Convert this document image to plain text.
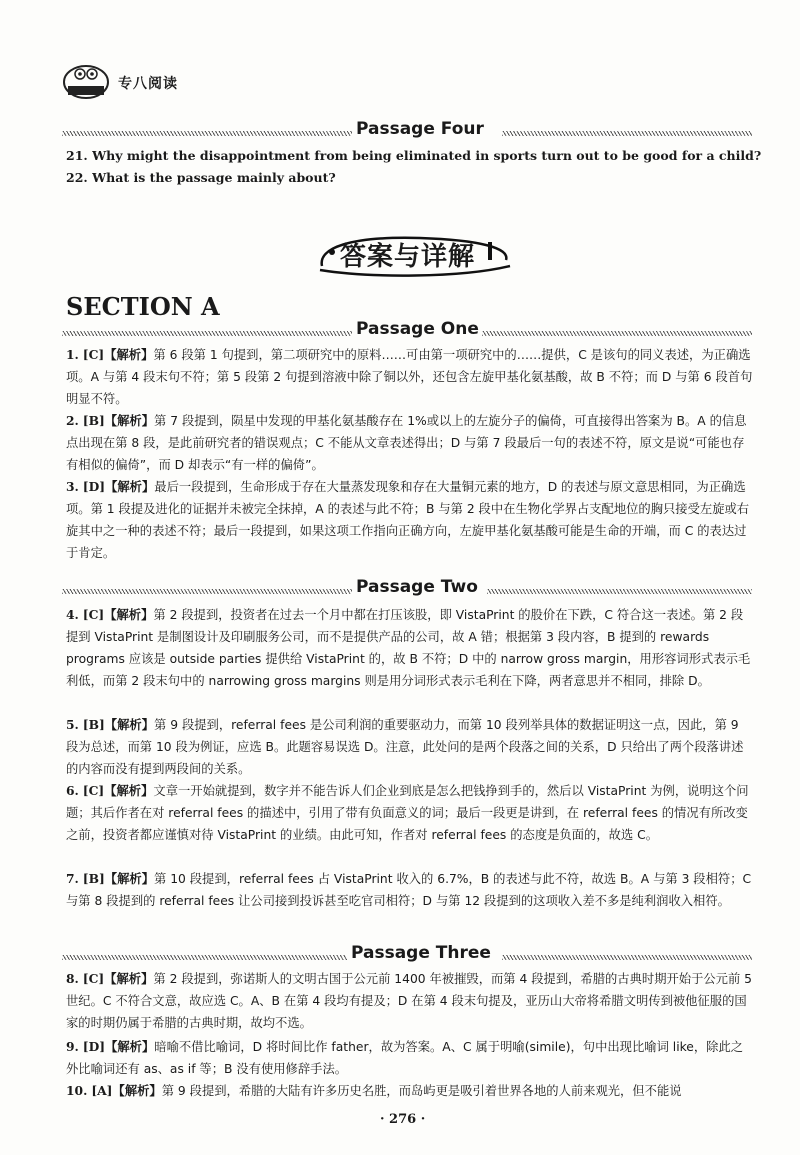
专八阅读
Passage Four
21. Why might the disappointment from being eliminated in sports turn out to be good for a child?
22. What is the passage mainly about?
答案与详解
SECTION A
Passage One
1. [C]【解析】第 6 段第 1 句提到，第二项研究中的原料……可由第一项研究中的……提供，C 是该句的同义表述，为正确选项。A 与第 4 段末句不符；第 5 段第 2 句提到溶液中除了铜以外，还包含左旋甲基化氨基酸，故 B 不符；而 D 与第 6 段首句明显不符。
2. [B]【解析】第 7 段提到，陨星中发现的甲基化氨基酸存在 1%或以上的左旋分子的偏倚，可直接得出答案为 B。A 的信息点出现在第 8 段，是此前研究者的错误观点；C 不能从文章表述得出；D 与第 7 段最后一句的表述不符，原文是说“可能也存有相似的偏倚”，而 D 却表示“有一样的偏倚”。
3. [D]【解析】最后一段提到，生命形成于存在大量蒸发现象和存在大量铜元素的地方，D 的表述与原文意思相同，为正确选项。第 1 段提及进化的证据并未被完全抹掉，A 的表述与此不符；B 与第 2 段中在生物化学界占支配地位的胸只接受左旋或右旋其中之一种的表述不符；最后一段提到，如果这项工作指向正确方向，左旋甲基化氨基酸可能是生命的开端，而 C 的表达过于肯定。
Passage Two
4. [C]【解析】第 2 段提到，投资者在过去一个月中都在打压该股，即 VistaPrint 的股价在下跌，C 符合这一表述。第 2 段提到 VistaPrint 是制图设计及印刷服务公司，而不是提供产品的公司，故 A 错；根据第 3 段内容，B 提到的 rewards programs 应该是 outside parties 提供给 VistaPrint 的，故 B 不符；D 中的 narrow gross margin，用形容词形式表示毛利低，而第 2 段末句中的 narrowing gross margins 则是用分词形式表示毛利在下降，两者意思并不相同，排除 D。
5. [B]【解析】第 9 段提到，referral fees 是公司利润的重要驱动力，而第 10 段列举具体的数据证明这一点，因此，第 9 段为总述，而第 10 段为例证，应选 B。此题容易误选 D。注意，此处问的是两个段落之间的关系，D 只给出了两个段落讲述的内容而没有提到两段间的关系。
6. [C]【解析】文章一开始就提到，数字并不能告诉人们企业到底是怎么把钱挣到手的，然后以 VistaPrint 为例，说明这个问题；其后作者在对 referral fees 的描述中，引用了带有负面意义的词；最后一段更是讲到，在 referral fees 的情况有所改变之前，投资者都应谨慎对待 VistaPrint 的业绩。由此可知，作者对 referral fees 的态度是负面的，故选 C。
7. [B]【解析】第 10 段提到，referral fees 占 VistaPrint 收入的 6.7%，B 的表述与此不符，故选 B。A 与第 3 段相符；C 与第 8 段提到的 referral fees 让公司接到投诉甚至吃官司相符；D 与第 12 段提到的这项收入差不多是纯利润收入相符。
Passage Three
8. [C]【解析】第 2 段提到，弥诺斯人的文明古国于公元前 1400 年被摧毁，而第 4 段提到，希腊的古典时期开始于公元前 5 世纪。C 不符合文意，故应选 C。A、B 在第 4 段均有提及；D 在第 4 段末句提及，亚历山大帝将希腊文明传到被他征服的国家的时期仍属于希腊的古典时期，故均不选。
9. [D]【解析】暗喻不借比喻词，D 将时间比作 father，故为答案。A、C 属于明喻(simile)，句中出现比喻词 like，除此之外比喻词还有 as、as if 等；B 没有使用修辞手法。
10. [A]【解析】第 9 段提到，希腊的大陆有许多历史名胜，而岛屿更是吸引着世界各地的人前来观光，但不能说
· 276 ·
